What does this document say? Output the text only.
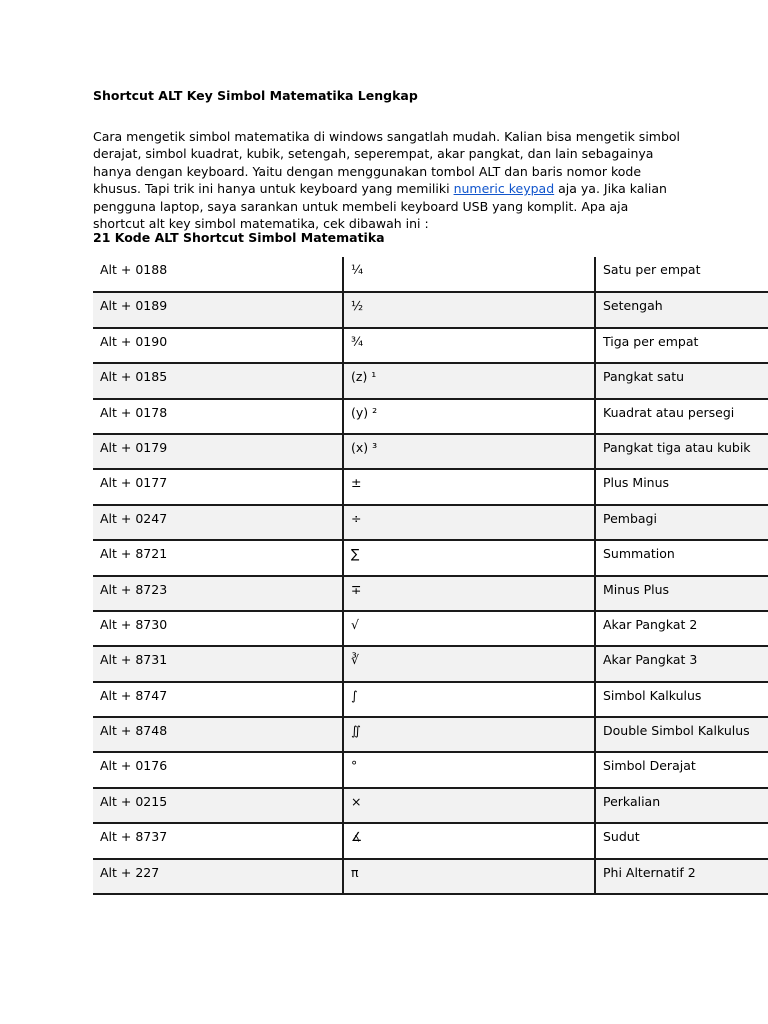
Shortcut ALT Key Simbol Matematika Lengkap

Cara mengetik simbol matematika di windows sangatlah mudah. Kalian bisa mengetik simbol derajat, simbol kuadrat, kubik, setengah, seperempat, akar pangkat, dan lain sebagainya hanya dengan keyboard. Yaitu dengan menggunakan tombol ALT dan baris nomor kode khusus. Tapi trik ini hanya untuk keyboard yang memiliki numeric keypad aja ya. Jika kalian pengguna laptop, saya sarankan untuk membeli keyboard USB yang komplit. Apa aja shortcut alt key simbol matematika, cek dibawah ini :

21 Kode ALT Shortcut Simbol Matematika
Alt + 0188	¼	Satu per empat
Alt + 0189	½	Setengah
Alt + 0190	¾	Tiga per empat
Alt + 0185	(z) ¹	Pangkat satu
Alt + 0178	(y) ²	Kuadrat atau persegi
Alt + 0179	(x) ³	Pangkat tiga atau kubik
Alt + 0177	±	Plus Minus
Alt + 0247	÷	Pembagi
Alt + 8721	∑	Summation
Alt + 8723	∓	Minus Plus
Alt + 8730	√	Akar Pangkat 2
Alt + 8731	∛	Akar Pangkat 3
Alt + 8747	∫	Simbol Kalkulus
Alt + 8748	∬	Double Simbol Kalkulus
Alt + 0176	°	Simbol Derajat
Alt + 0215	×	Perkalian
Alt + 8737	∡	Sudut
Alt + 227	π	Phi Alternatif 2
